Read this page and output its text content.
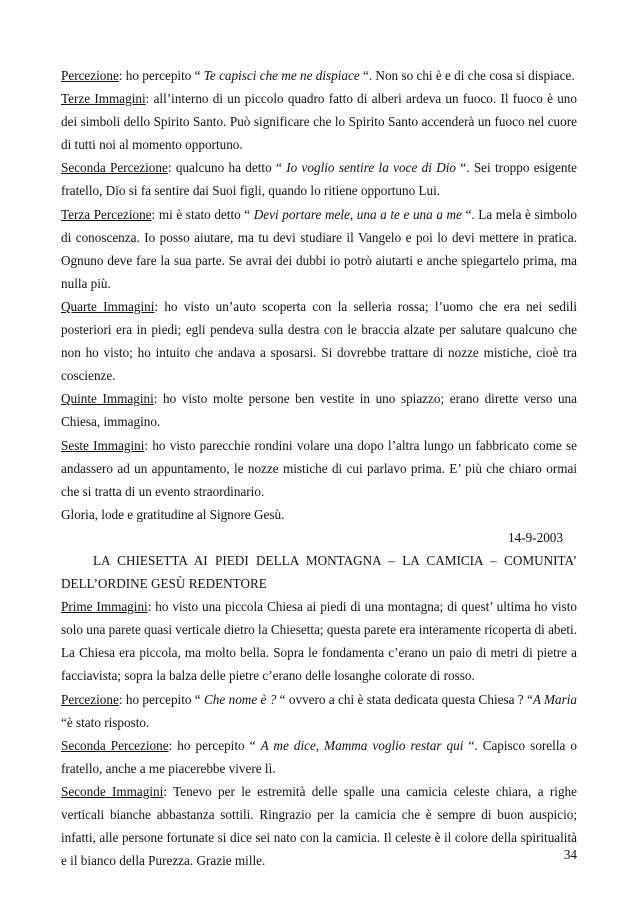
Percezione: ho percepito “ Te capisci che me ne dispiace “. Non so chi è e di che cosa si dispiace.

Terze Immagini: all’interno di un piccolo quadro fatto di alberi ardeva un fuoco. Il fuoco è uno dei simboli dello Spirito Santo. Può significare che lo Spirito Santo accenderà un fuoco nel cuore di tutti noi al momento opportuno.

Seconda Percezione: qualcuno ha detto “ Io voglio sentire la voce di Dio “. Sei troppo esigente fratello, Dio si fa sentire dai Suoi figli, quando lo ritiene opportuno Lui.

Terza Percezione: mi è stato detto “ Devi portare mele, una a te e una a me “. La mela è simbolo di conoscenza. Io posso aiutare, ma tu devi studiare il Vangelo e poi lo devi mettere in pratica. Ognuno deve fare la sua parte. Se avrai dei dubbi io potrò aiutarti e anche spiegartelo prima, ma nulla più.

Quarte Immagini: ho visto un’auto scoperta con la selleria rossa; l’uomo che era nei sedili posteriori era in piedi; egli pendeva sulla destra con le braccia alzate per salutare qualcuno che non ho visto; ho intuito che andava a sposarsi. Si dovrebbe trattare di nozze mistiche, cioè tra coscienze.

Quinte Immagini: ho visto molte persone ben vestite in uno spiazzo; erano dirette verso una Chiesa, immagino.

Seste Immagini: ho visto parecchie rondini volare una dopo l’altra lungo un fabbricato come se andassero ad un appuntamento, le nozze mistiche di cui parlavo prima. E’ più che chiaro ormai che si tratta di un evento straordinario.

Gloria, lode e gratitudine al Signore Gesù.

14-9-2003

LA CHIESETTA AI PIEDI DELLA MONTAGNA – LA CAMICIA – COMUNITA’ DELL’ORDINE GESÙ REDENTORE

Prime Immagini: ho visto una piccola Chiesa ai piedi di una montagna; di quest’ ultima ho visto solo una parete quasi verticale dietro la Chiesetta; questa parete era interamente ricoperta di abeti. La Chiesa era piccola, ma molto bella. Sopra le fondamenta c’erano un paio di metri di pietre a facciavista; sopra la balza delle pietre c’erano delle losanghe colorate di rosso.

Percezione: ho percepito “ Che nome è ? “ ovvero a chi è stata dedicata questa Chiesa ? “A Maria “è stato risposto.

Seconda Percezione: ho percepito “ A me dice, Mamma voglio restar qui “. Capisco sorella o fratello, anche a me piacerebbe vivere lì.

Seconde Immagini: Tenevo per le estremità delle spalle una camicia celeste chiara, a righe verticali bianche abbastanza sottili. Ringrazio per la camicia che è sempre di buon auspicio; infatti, alle persone fortunate si dice sei nato con la camicia. Il celeste è il colore della spiritualità e il bianco della Purezza. Grazie mille.	34
